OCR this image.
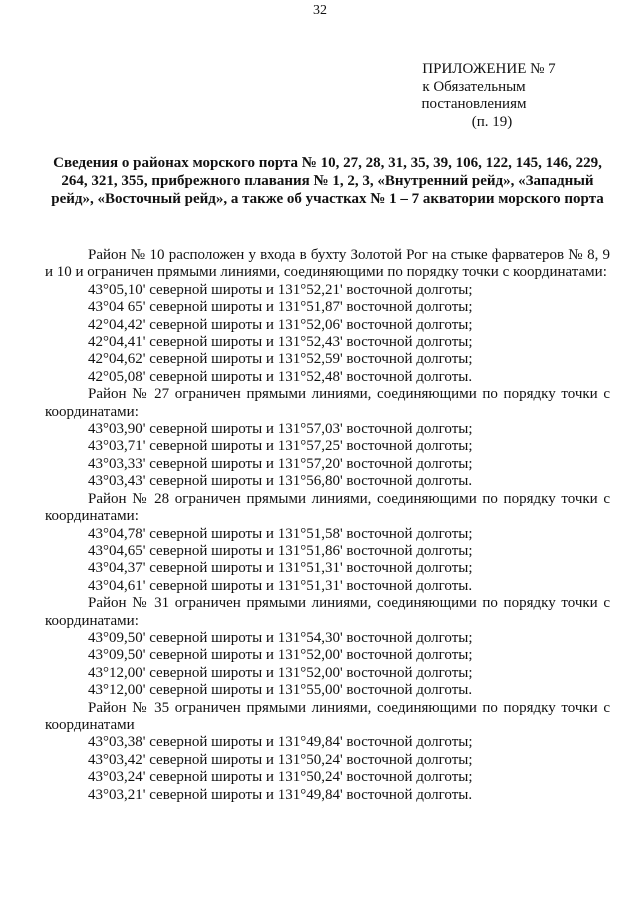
32
ПРИЛОЖЕНИЕ № 7
к Обязательным постановлениям
(п. 19)
Сведения о районах морского порта № 10, 27, 28, 31, 35, 39, 106, 122, 145, 146, 229, 264, 321, 355, прибрежного плавания № 1, 2, 3, «Внутренний рейд», «Западный рейд», «Восточный рейд», а также об участках № 1 – 7 акватории морского порта

Район № 10 расположен у входа в бухту Золотой Рог на стыке фарватеров № 8, 9 и 10 и ограничен прямыми линиями, соединяющими по порядку точки с координатами:

43°05,10' северной широты и 131°52,21' восточной долготы;

43°04 65' северной широты и 131°51,87' восточной долготы;

42°04,42' северной широты и 131°52,06' восточной долготы;

42°04,41' северной широты и 131°52,43' восточной долготы;

42°04,62' северной широты и 131°52,59' восточной долготы;

42°05,08' северной широты и 131°52,48' восточной долготы.

Район № 27 ограничен прямыми линиями, соединяющими по порядку точки с координатами:

43°03,90' северной широты и 131°57,03' восточной долготы;

43°03,71' северной широты и 131°57,25' восточной долготы;

43°03,33' северной широты и 131°57,20' восточной долготы;

43°03,43' северной широты и 131°56,80' восточной долготы.

Район № 28 ограничен прямыми линиями, соединяющими по порядку точки с координатами:

43°04,78' северной широты и 131°51,58' восточной долготы;

43°04,65' северной широты и 131°51,86' восточной долготы;

43°04,37' северной широты и 131°51,31' восточной долготы;

43°04,61' северной широты и 131°51,31' восточной долготы.

Район № 31 ограничен прямыми линиями, соединяющими по порядку точки с координатами:

43°09,50' северной широты и 131°54,30' восточной долготы;

43°09,50' северной широты и 131°52,00' восточной долготы;

43°12,00' северной широты и 131°52,00' восточной долготы;

43°12,00' северной широты и 131°55,00' восточной долготы.

Район № 35 ограничен прямыми линиями, соединяющими по порядку точки с координатами

43°03,38' северной широты и 131°49,84' восточной долготы;

43°03,42' северной широты и 131°50,24' восточной долготы;

43°03,24' северной широты и 131°50,24' восточной долготы;

43°03,21' северной широты и 131°49,84' восточной долготы.
